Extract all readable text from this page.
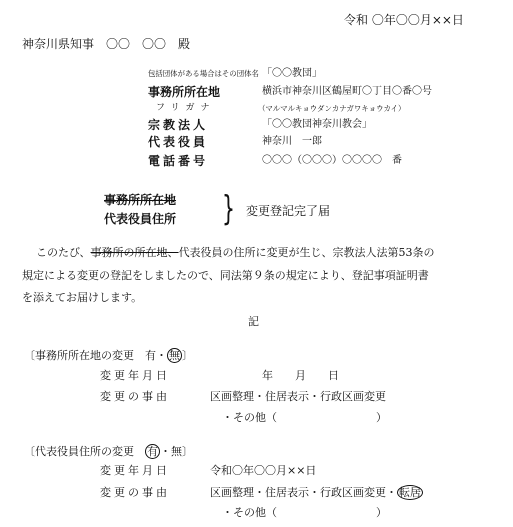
令和 〇年〇〇月××日
神奈川県知事　〇〇　〇〇　殿
包括団体がある場合はその団体名 「〇〇教団」
事務所所在地	横浜市神奈川区鶴屋町〇丁目〇番〇号
フリガナ	（マルマルキョウダンカナガワキョウカイ）
宗教法人	「〇〇教団神奈川教会」
代表役員	神奈川　一郎
電話番号	〇〇〇（〇〇〇）〇〇〇〇　番
事務所所在地
代表役員住所 } 変更登記完了届
このたび、事務所の所在地、代表役員の住所に変更が生じ、宗教法人法第53条の
規定による変更の登記をしましたので、同法第９条の規定により、登記事項証明書
を添えてお届けします。
記
〔事務所所在地の変更　 有・ 無 〕
変更年月日	年　　月　　日
変更の事由	区画整理・住居表示・行政区画変更
・その他（　　　　　　　　　）
〔代表役員住所の変更　 有 ・無〕
変更年月日	令和〇年〇〇月××日
変更の事由	区画整理・住居表示・行政区画変更・ 転居
・その他（　　　　　　　　　）
